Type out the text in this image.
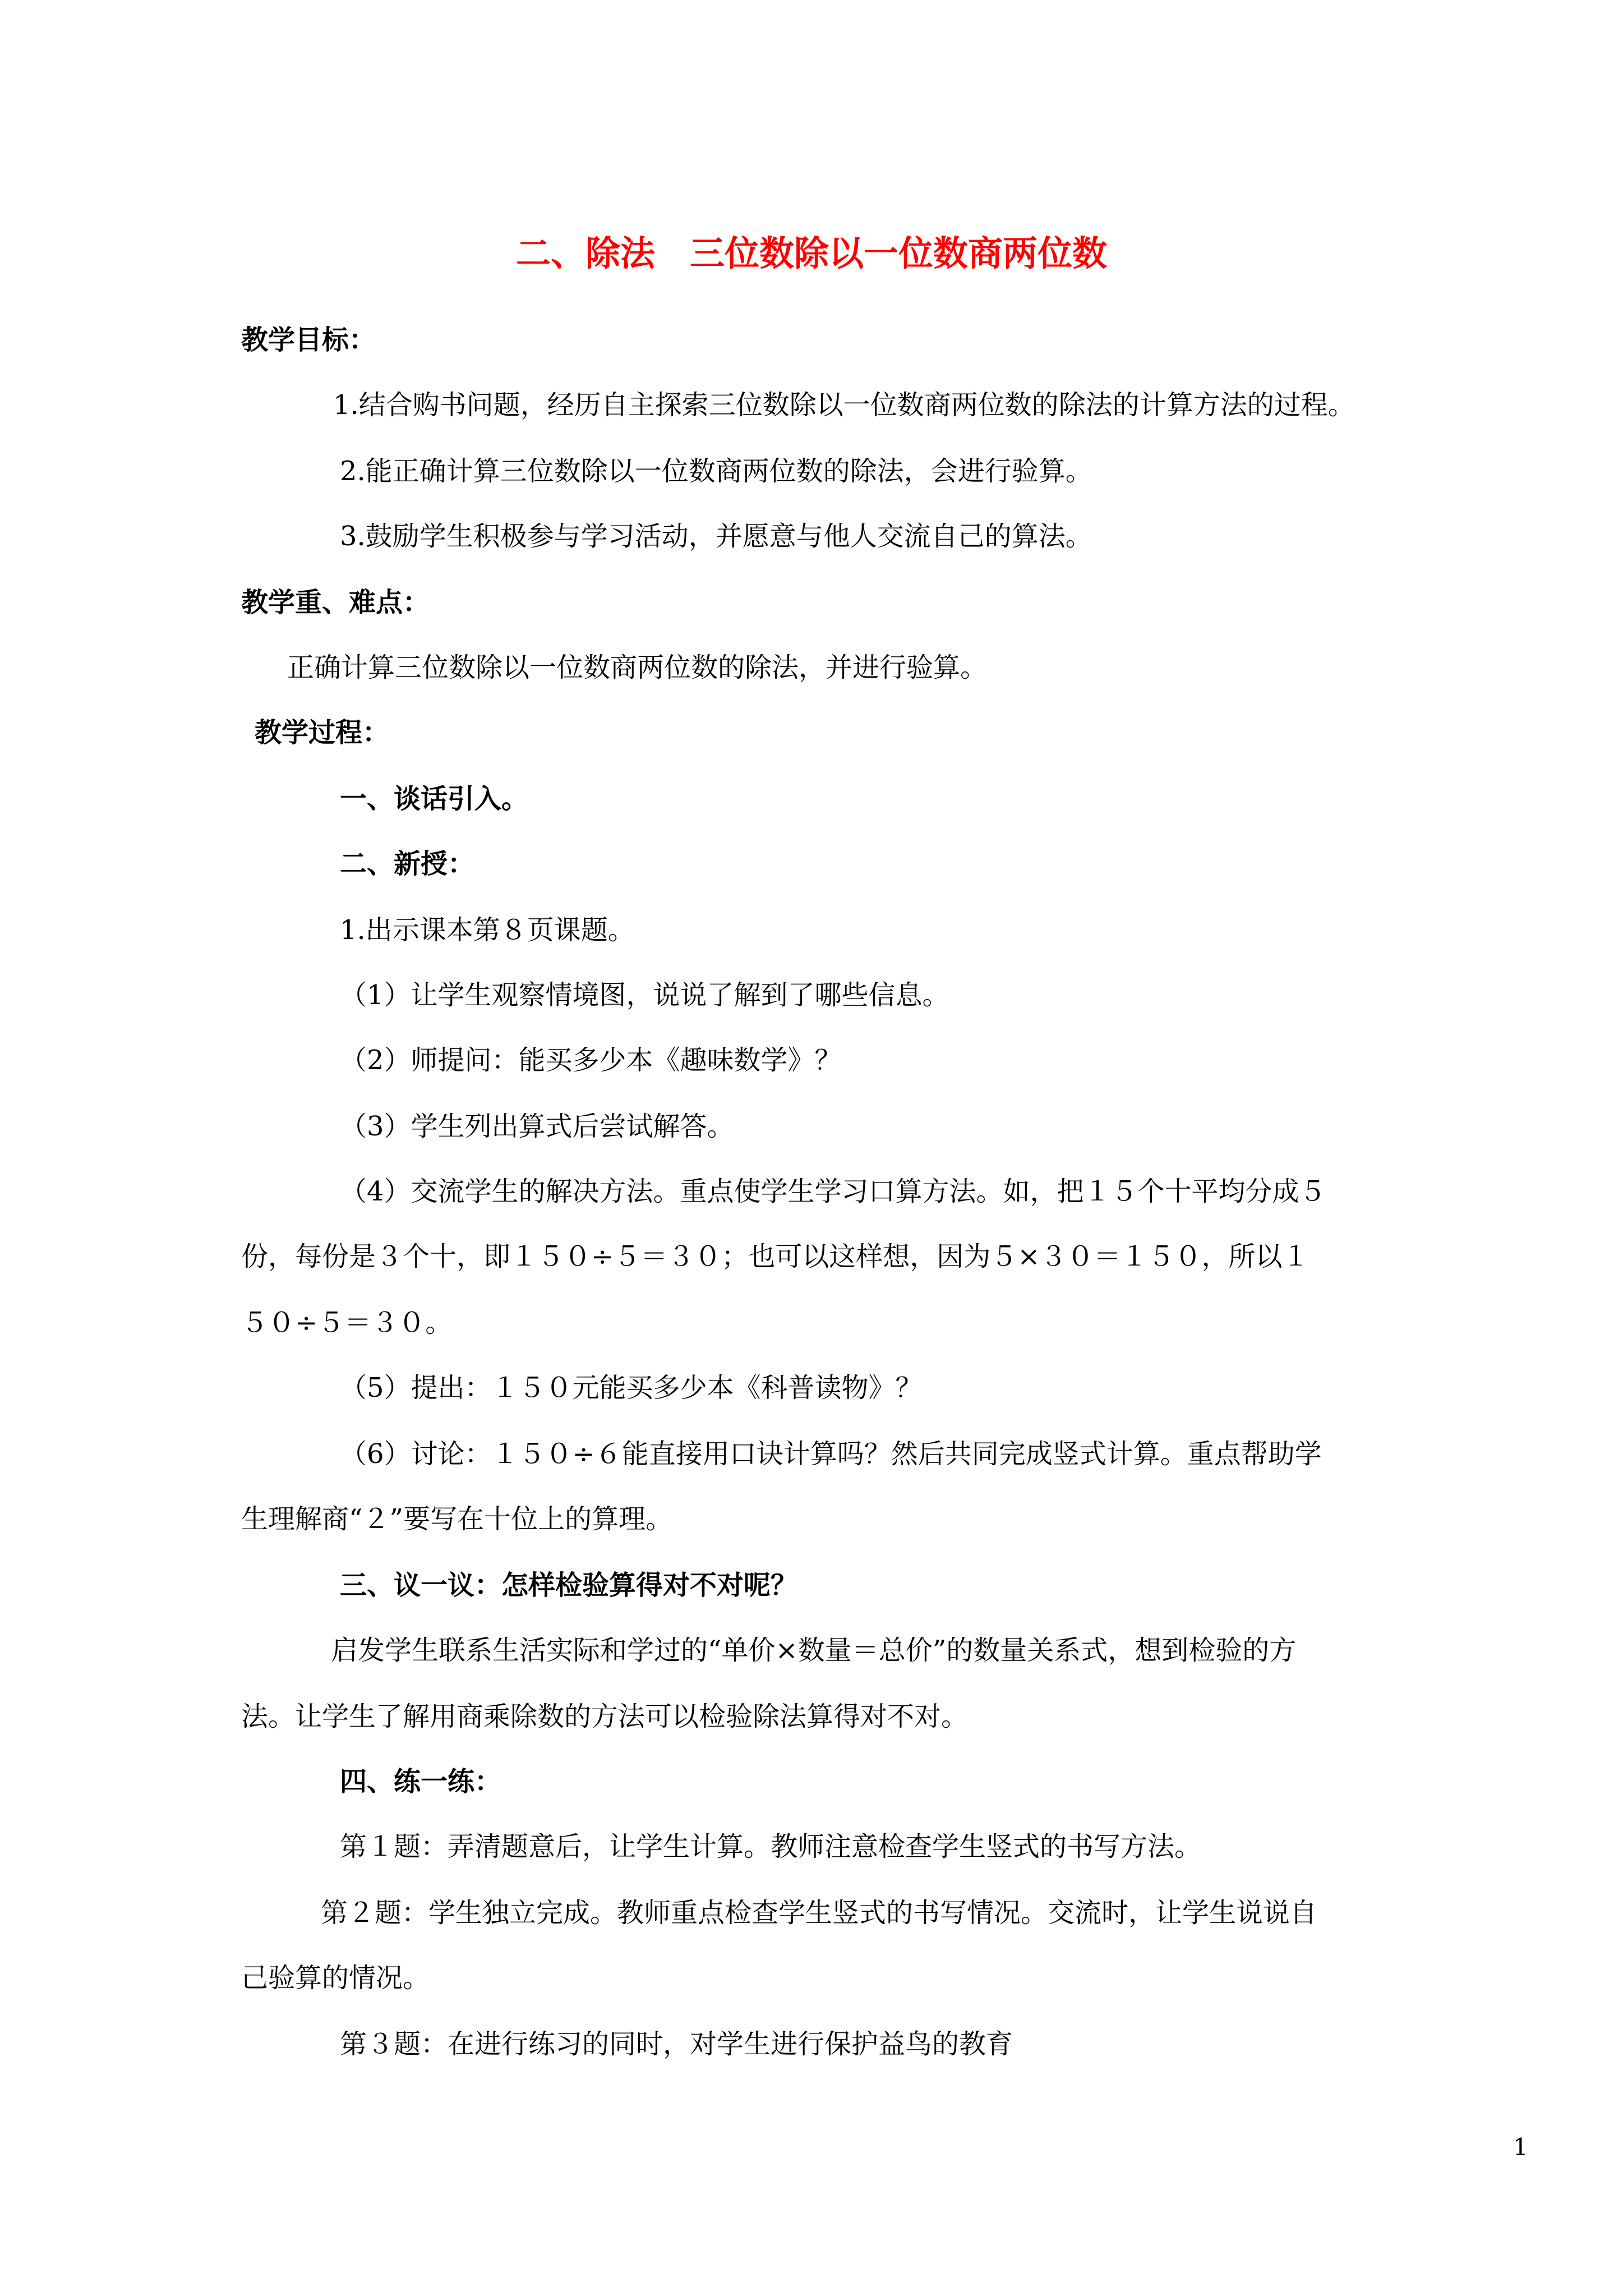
二、除法　三位数除以一位数商两位数
教学目标：
1.结合购书问题，经历自主探索三位数除以一位数商两位数的除法的计算方法的过程。
2.能正确计算三位数除以一位数商两位数的除法，会进行验算。
3.鼓励学生积极参与学习活动，并愿意与他人交流自己的算法。
教学重、难点：
正确计算三位数除以一位数商两位数的除法，并进行验算。
教学过程：
一、谈话引入。
二、新授：
1.出示课本第８页课题。
（1）让学生观察情境图，说说了解到了哪些信息。
（2）师提问：能买多少本《趣味数学》？
（3）学生列出算式后尝试解答。
（4）交流学生的解决方法。重点使学生学习口算方法。如，把１５个十平均分成５
份，每份是３个十，即１５０÷５＝３０；也可以这样想，因为５×３０＝１５０，所以１
５０÷５＝３０。
（5）提出：１５０元能买多少本《科普读物》？
（6）讨论：１５０÷６能直接用口诀计算吗？然后共同完成竖式计算。重点帮助学
生理解商“２”要写在十位上的算理。
三、议一议：怎样检验算得对不对呢？
启发学生联系生活实际和学过的“单价×数量＝总价”的数量关系式，想到检验的方
法。让学生了解用商乘除数的方法可以检验除法算得对不对。
四、练一练：
第１题：弄清题意后，让学生计算。教师注意检查学生竖式的书写方法。
第２题：学生独立完成。教师重点检查学生竖式的书写情况。交流时，让学生说说自
己验算的情况。
第３题：在进行练习的同时，对学生进行保护益鸟的教育
1
